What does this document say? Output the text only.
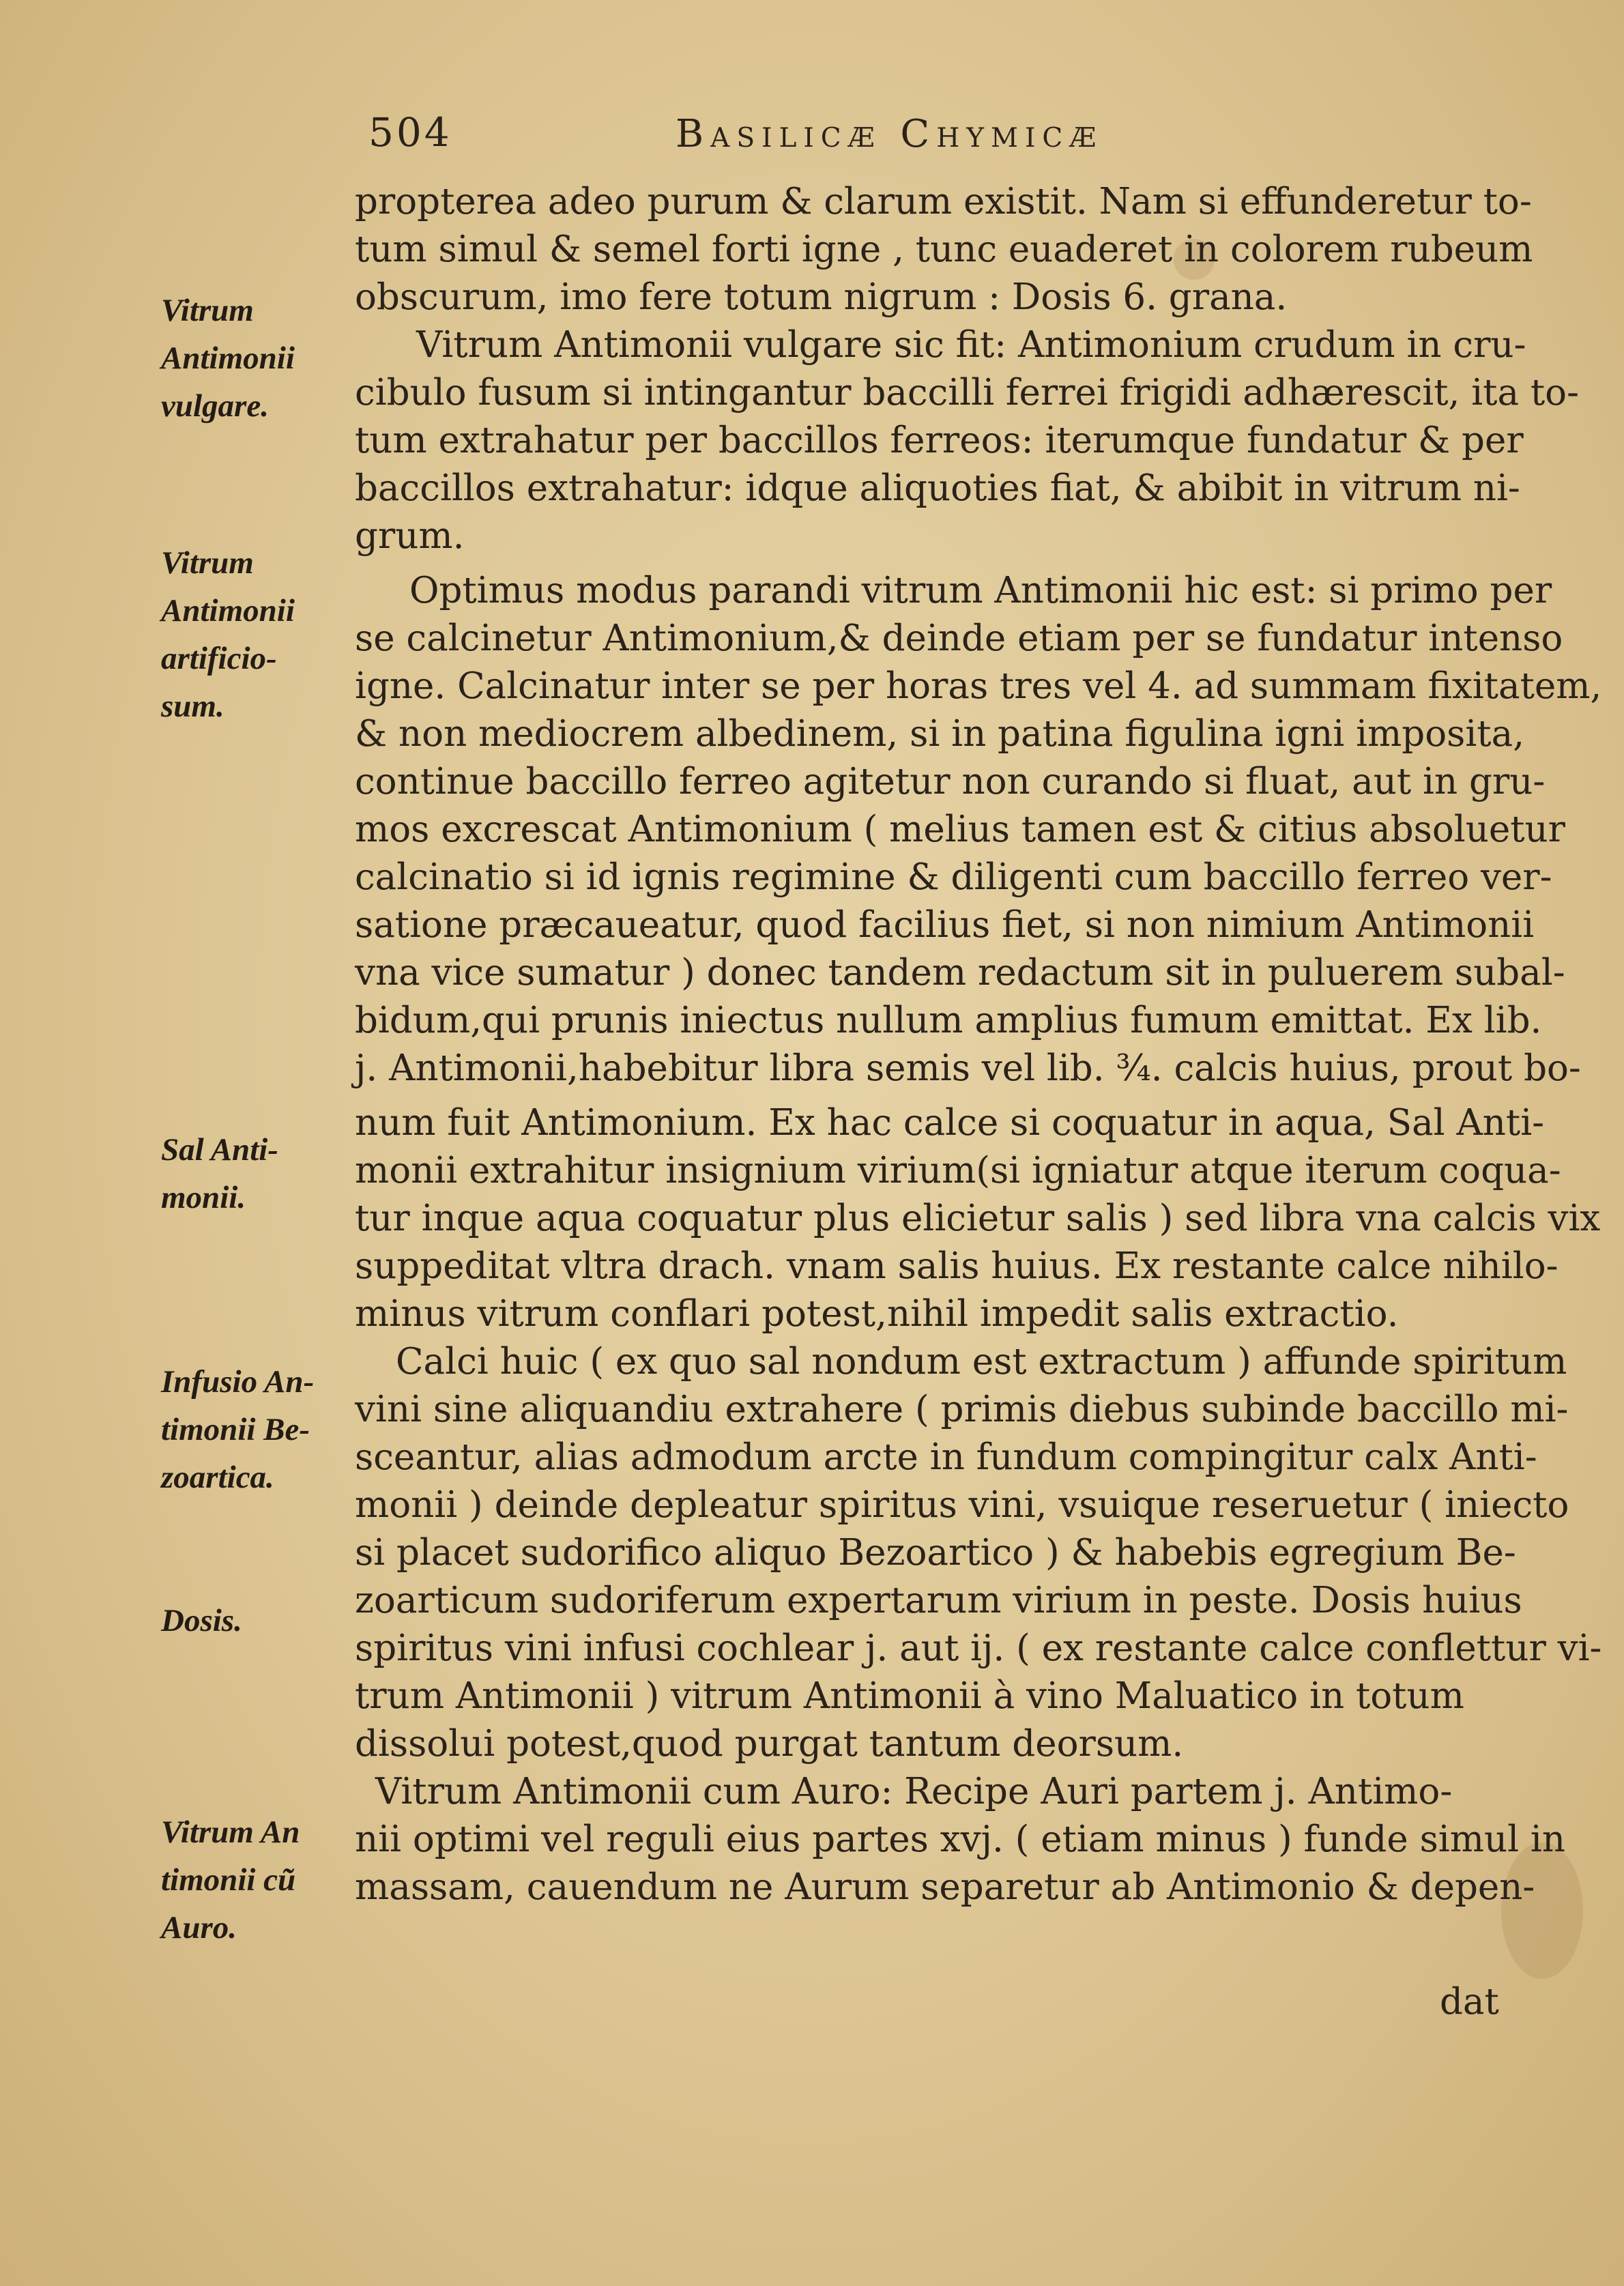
504	Basilicæ Chymicæ
propterea adeo purum & clarum existit. Nam si effunderetur to-
tum simul & semel forti igne , tunc euaderet in colorem rubeum
obscurum, imo fere totum nigrum : Dosis 6. grana.
Vitrum Antimonii vulgare sic fit: Antimonium crudum in cru-
cibulo fusum si intingantur baccilli ferrei frigidi adhærescit, ita to-
tum extrahatur per baccillos ferreos: iterumque fundatur & per
baccillos extrahatur: idque aliquoties fiat, & abibit in vitrum ni-
grum.
Optimus modus parandi vitrum Antimonii hic est: si primo per
se calcinetur Antimonium,& deinde etiam per se fundatur intenso
igne. Calcinatur inter se per horas tres vel 4. ad summam fixitatem,
& non mediocrem albedinem, si in patina figulina igni imposita,
continue baccillo ferreo agitetur non curando si fluat, aut in gru-
mos excrescat Antimonium ( melius tamen est & citius absoluetur
calcinatio si id ignis regimine & diligenti cum baccillo ferreo ver-
satione præcaueatur, quod facilius fiet, si non nimium Antimonii
vna vice sumatur ) donec tandem redactum sit in puluerem subal-
bidum,qui prunis iniectus nullum amplius fumum emittat. Ex lib.
j. Antimonii,habebitur libra semis vel lib. ¾. calcis huius, prout bo-
num fuit Antimonium. Ex hac calce si coquatur in aqua, Sal Anti-
monii extrahitur insignium virium(si igniatur atque iterum coqua-
tur inque aqua coquatur plus elicietur salis ) sed libra vna calcis vix
suppeditat vltra drach. vnam salis huius. Ex restante calce nihilo-
minus vitrum conflari potest,nihil impedit salis extractio.
Calci huic ( ex quo sal nondum est extractum ) affunde spiritum
vini sine aliquandiu extrahere ( primis diebus subinde baccillo mi-
sceantur, alias admodum arcte in fundum compingitur calx Anti-
monii ) deinde depleatur spiritus vini, vsuique reseruetur ( iniecto
si placet sudorifico aliquo Bezoartico ) & habebis egregium Be-
zoarticum sudoriferum expertarum virium in peste. Dosis huius
spiritus vini infusi cochlear j. aut ij. ( ex restante calce conflettur vi-
trum Antimonii ) vitrum Antimonii à vino Maluatico in totum
dissolui potest,quod purgat tantum deorsum.
Vitrum Antimonii cum Auro: Recipe Auri partem j. Antimo-
nii optimi vel reguli eius partes xvj. ( etiam minus ) funde simul in
massam, cauendum ne Aurum separetur ab Antimonio & depen-
Vitrum
Antimonii
vulgare.
Vitrum
Antimonii
artificio-
sum.
Sal Anti-
monii.
Infusio An-
timonii Be-
zoartica.
Dosis.
Vitrum An
timonii cũ
Auro.
dat
